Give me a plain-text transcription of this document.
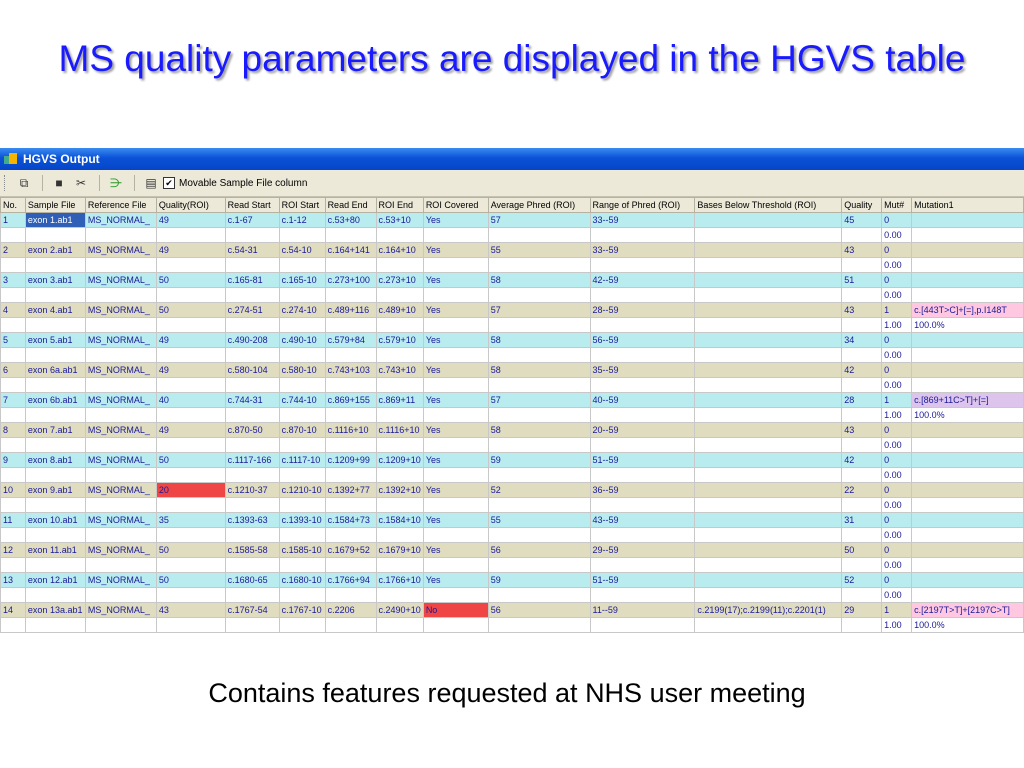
MS quality parameters are displayed in the HGVS table
HGVS Output
⧉	■	✂	⋺	▤ ✔ Movable Sample File column
No.	Sample File	Reference File	Quality(ROI)	Read Start	ROI Start	Read End	ROI End	ROI Covered	Average Phred (ROI)	Range of Phred (ROI)	Bases Below Threshold (ROI)	Quality	Mut#	Mutation1
1	exon 1.ab1	MS_NORMAL_	49	c.1-67	c.1-12	c.53+80	c.53+10	Yes	57	33--59		45	0	
													0.00	
2	exon 2.ab1	MS_NORMAL_	49	c.54-31	c.54-10	c.164+141	c.164+10	Yes	55	33--59		43	0	
													0.00	
3	exon 3.ab1	MS_NORMAL_	50	c.165-81	c.165-10	c.273+100	c.273+10	Yes	58	42--59		51	0	
													0.00	
4	exon 4.ab1	MS_NORMAL_	50	c.274-51	c.274-10	c.489+116	c.489+10	Yes	57	28--59		43	1	c.[443T>C]+[=],p.I148T
													1.00	100.0%
5	exon 5.ab1	MS_NORMAL_	49	c.490-208	c.490-10	c.579+84	c.579+10	Yes	58	56--59		34	0	
													0.00	
6	exon 6a.ab1	MS_NORMAL_	49	c.580-104	c.580-10	c.743+103	c.743+10	Yes	58	35--59		42	0	
													0.00	
7	exon 6b.ab1	MS_NORMAL_	40	c.744-31	c.744-10	c.869+155	c.869+11	Yes	57	40--59		28	1	c.[869+11C>T]+[=]
													1.00	100.0%
8	exon 7.ab1	MS_NORMAL_	49	c.870-50	c.870-10	c.1116+10	c.1116+10	Yes	58	20--59		43	0	
													0.00	
9	exon 8.ab1	MS_NORMAL_	50	c.1117-166	c.1117-10	c.1209+99	c.1209+10	Yes	59	51--59		42	0	
													0.00	
10	exon 9.ab1	MS_NORMAL_	20	c.1210-37	c.1210-10	c.1392+77	c.1392+10	Yes	52	36--59		22	0	
													0.00	
11	exon 10.ab1	MS_NORMAL_	35	c.1393-63	c.1393-10	c.1584+73	c.1584+10	Yes	55	43--59		31	0	
													0.00	
12	exon 11.ab1	MS_NORMAL_	50	c.1585-58	c.1585-10	c.1679+52	c.1679+10	Yes	56	29--59		50	0	
													0.00	
13	exon 12.ab1	MS_NORMAL_	50	c.1680-65	c.1680-10	c.1766+94	c.1766+10	Yes	59	51--59		52	0	
													0.00	
14	exon 13a.ab1	MS_NORMAL_	43	c.1767-54	c.1767-10	c.2206	c.2490+10	No	56	11--59	c.2199(17);c.2199(11);c.2201(1)	29	1	c.[2197T>T]+[2197C>T]
													1.00	100.0%
Contains features requested at NHS user meeting
